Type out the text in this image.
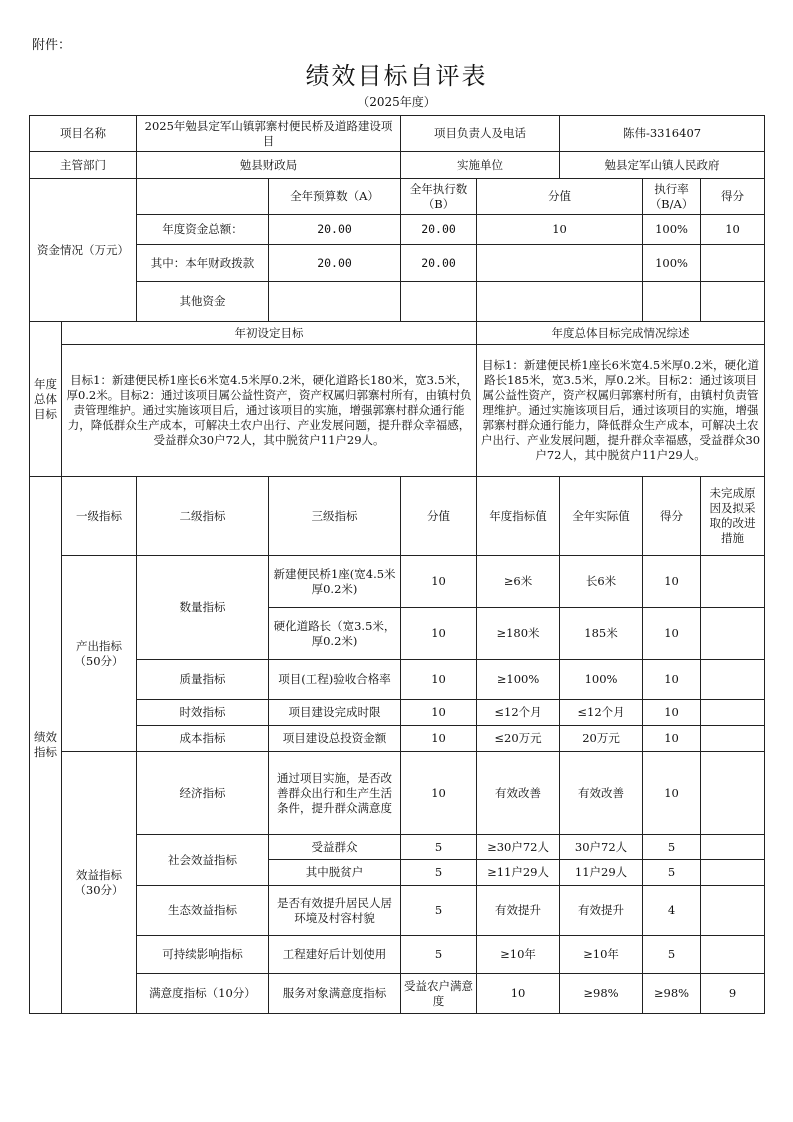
附件：
绩效目标自评表
（2025年度）
项目名称		2025年勉县定军山镇郭寨村便民桥及道路建设项目		项目负责人及电话		陈伟-3316407			
主管部门		勉县财政局		实施单位		勉县定军山镇人民政府			
资金情况（万元）			全年预算数（A）	全年执行数（B）	分值		执行率（B/A）	得分	
		年度资金总额：	20.00	20.00	10		100%	10	
		其中：本年财政拨款	20.00	20.00			100%		
		其他资金							
年度总体目标	年初设定目标				年度总体目标完成情况综述				
	目标1：新建便民桥1座长6米宽4.5米厚0.2米，硬化道路长180米，宽3.5米，厚0.2米。目标2：通过该项目属公益性资产，资产权属归郭寨村所有，由镇村负责管理维护。通过实施该项目后，通过该项目的实施，增强郭寨村群众通行能力，降低群众生产成本，可解决土农户出行、产业发展问题，提升群众幸福感，受益群众30户72人，其中脱贫户11户29人。				目标1：新建便民桥1座长6米宽4.5米厚0.2米，硬化道路长185米，宽3.5米，厚0.2米。目标2：通过该项目属公益性资产，资产权属归郭寨村所有，由镇村负责管理维护。通过实施该项目后，通过该项目的实施，增强郭寨村群众通行能力，降低群众生产成本，可解决土农户出行、产业发展问题，提升群众幸福感，受益群众30户72人，其中脱贫户11户29人。				
绩效指标	一级指标	二级指标	三级指标	分值	年度指标值	全年实际值	得分	未完成原因及拟采取的改进措施	
	产出指标（50分）	数量指标	新建便民桥1座(宽4.5米厚0.2米)	10	≥6米	长6米	10		
			硬化道路长（宽3.5米，厚0.2米)	10	≥180米	185米	10		
		质量指标	项目(工程)验收合格率	10	≥100%	100%	10		
		时效指标	项目建设完成时限	10	≤12个月	≤12个月	10		
		成本指标	项目建设总投资金额	10	≤20万元	20万元	10		
	效益指标（30分）	经济指标	通过项目实施，是否改善群众出行和生产生活条件，提升群众满意度	10	有效改善	有效改善	10		
		社会效益指标	受益群众	5	≥30户72人	30户72人	5		
			其中脱贫户	5	≥11户29人	11户29人	5		
		生态效益指标	是否有效提升居民人居环境及村容村貌	5	有效提升	有效提升	4		
		可持续影响指标	工程建好后计划使用	5	≥10年	≥10年	5		
		满意度指标（10分）	服务对象满意度指标	受益农户满意度	10	≥98%	≥98%	9	
